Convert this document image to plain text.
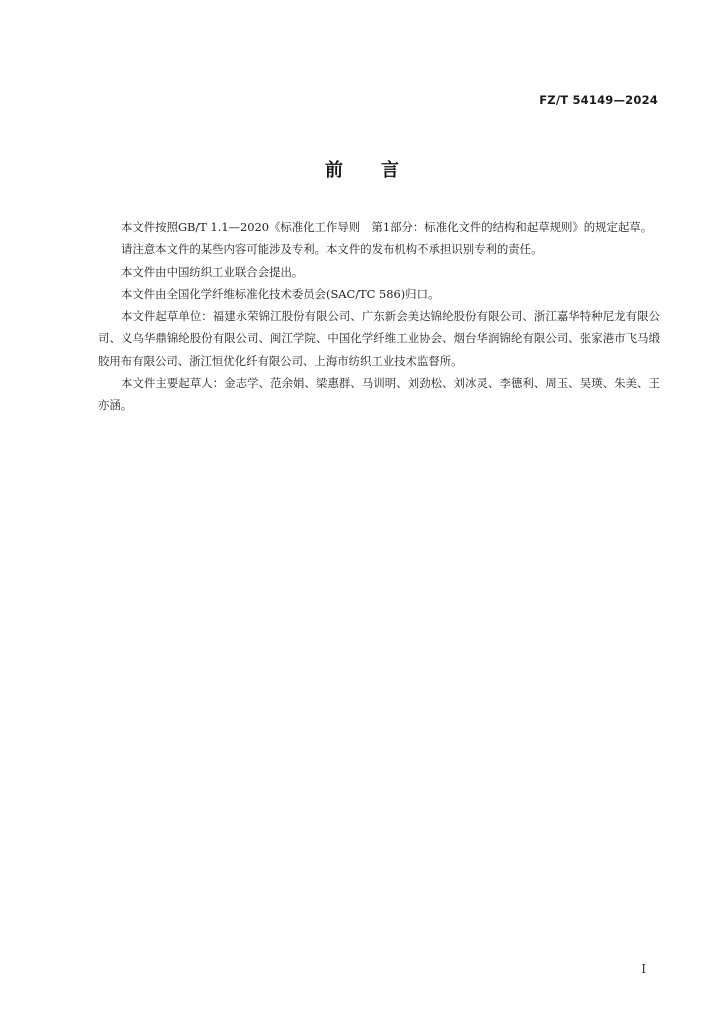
FZ/T 54149—2024
前言

本文件按照GB/T 1.1—2020《标准化工作导则　第1部分：标准化文件的结构和起草规则》的规定起草。

请注意本文件的某些内容可能涉及专利。本文件的发布机构不承担识别专利的责任。

本文件由中国纺织工业联合会提出。

本文件由全国化学纤维标准化技术委员会(SAC/TC 586)归口。

本文件起草单位：福建永荣锦江股份有限公司、广东新会美达锦纶股份有限公司、浙江嘉华特种尼龙有限公司、义乌华鼎锦纶股份有限公司、闽江学院、中国化学纤维工业协会、烟台华润锦纶有限公司、张家港市飞马缎胶用布有限公司、浙江恒优化纤有限公司、上海市纺织工业技术监督所。

本文件主要起草人：金志学、范余娟、梁惠群、马训明、刘劲松、刘冰灵、李德利、周玉、吴瑛、朱美、王亦涵。

I
